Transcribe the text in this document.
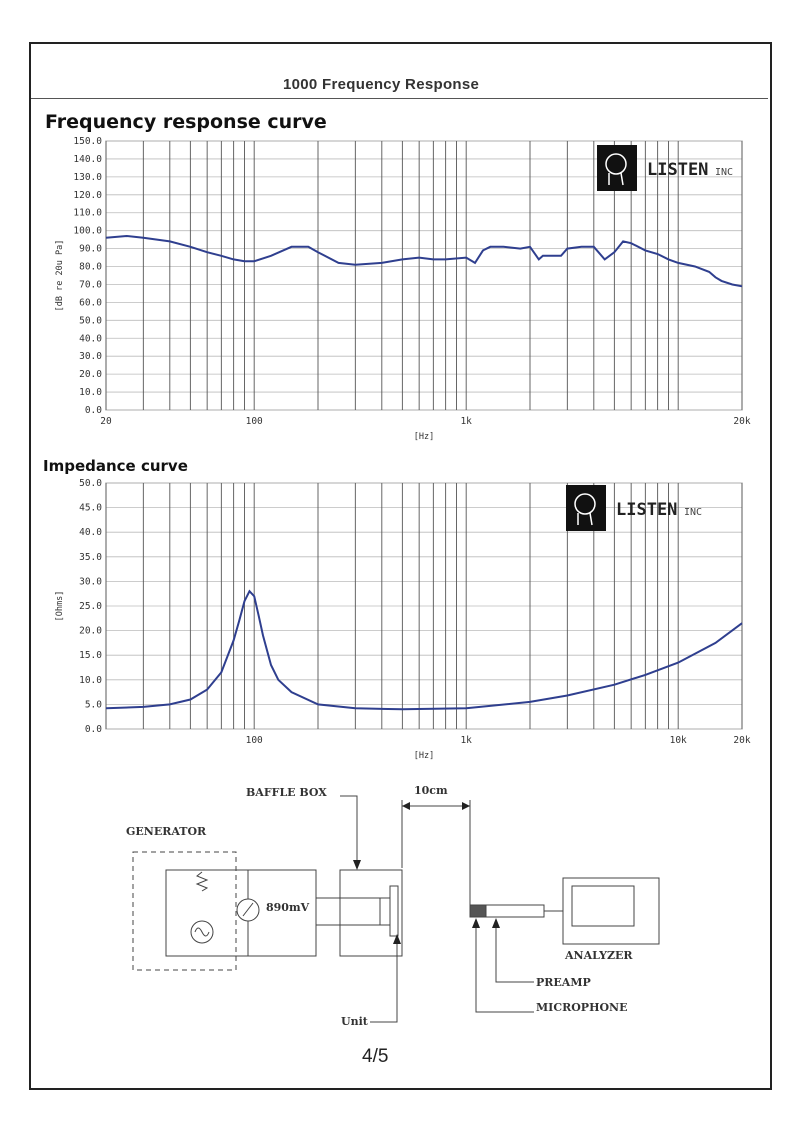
1000 Frequency Response
Frequency response curve
Impedance curve
0.0
10.0
20.0
30.0
40.0
50.0
60.0
70.0
80.0
90.0
100.0
110.0
120.0
130.0
140.0
150.0
20	100	1k	20k
[Hz]
[dB re 20u Pa]
LISTEN INC
0.0
5.0
10.0
15.0
20.0
25.0
30.0
35.0
40.0
45.0
50.0
100	1k	10k	20k
[Hz]
[Ohms]
LISTEN INC
GENERATOR
890mV
BAFFLE BOX
Unit
10cm
ANALYZER
PREAMP
MICROPHONE
4/5
